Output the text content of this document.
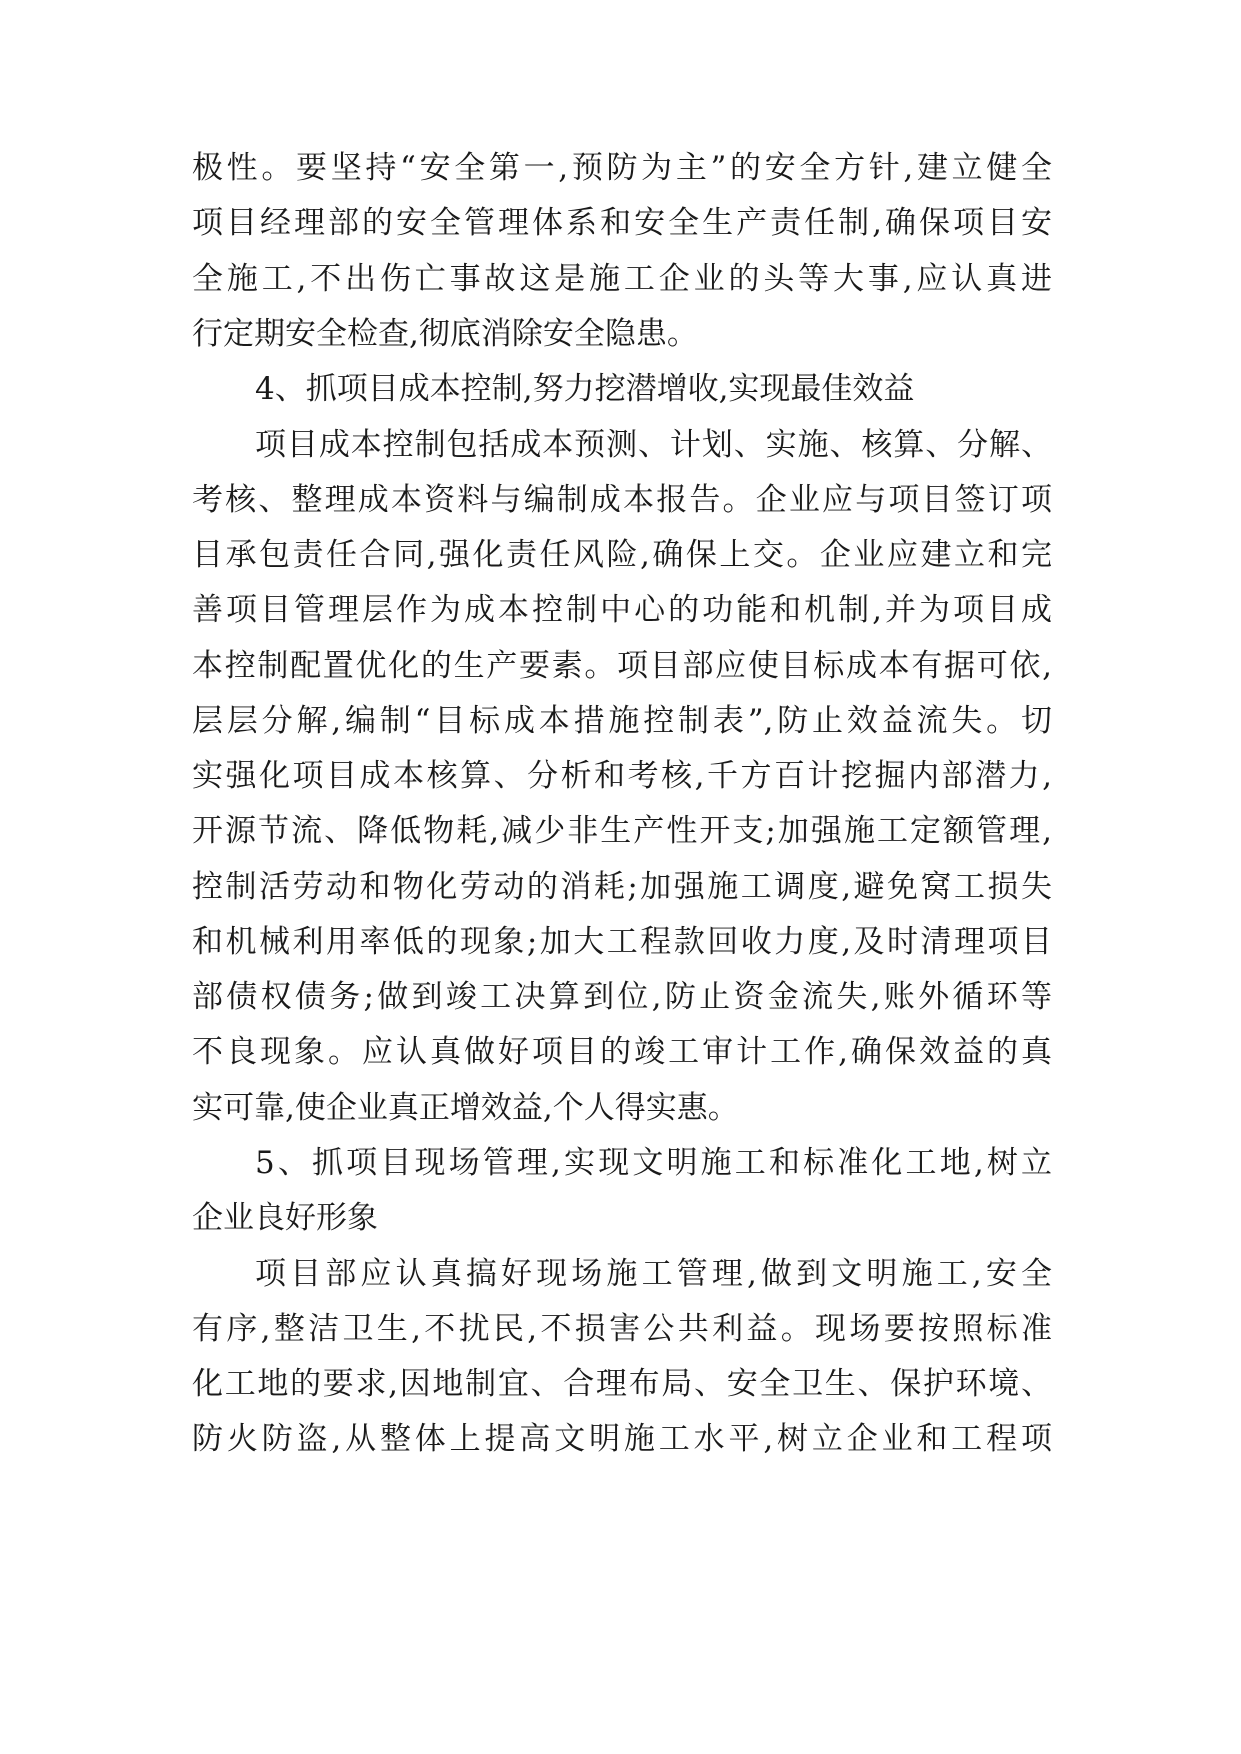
极性。要坚持“安全第一,预防为主”的安全方针,建立健全
项目经理部的安全管理体系和安全生产责任制,确保项目安
全施工,不出伤亡事故这是施工企业的头等大事,应认真进
行定期安全检查,彻底消除安全隐患。
4、抓项目成本控制,努力挖潜增收,实现最佳效益
项目成本控制包括成本预测、计划、实施、核算、分解、
考核、整理成本资料与编制成本报告。企业应与项目签订项
目承包责任合同,强化责任风险,确保上交。企业应建立和完
善项目管理层作为成本控制中心的功能和机制,并为项目成
本控制配置优化的生产要素。项目部应使目标成本有据可依,
层层分解,编制“目标成本措施控制表”,防止效益流失。切
实强化项目成本核算、分析和考核,千方百计挖掘内部潜力,
开源节流、降低物耗,减少非生产性开支;加强施工定额管理,
控制活劳动和物化劳动的消耗;加强施工调度,避免窝工损失
和机械利用率低的现象;加大工程款回收力度,及时清理项目
部债权债务;做到竣工决算到位,防止资金流失,账外循环等
不良现象。应认真做好项目的竣工审计工作,确保效益的真
实可靠,使企业真正增效益,个人得实惠。
5、抓项目现场管理,实现文明施工和标准化工地,树立
企业良好形象
项目部应认真搞好现场施工管理,做到文明施工,安全
有序,整洁卫生,不扰民,不损害公共利益。现场要按照标准
化工地的要求,因地制宜、合理布局、安全卫生、保护环境、
防火防盗,从整体上提高文明施工水平,树立企业和工程项
